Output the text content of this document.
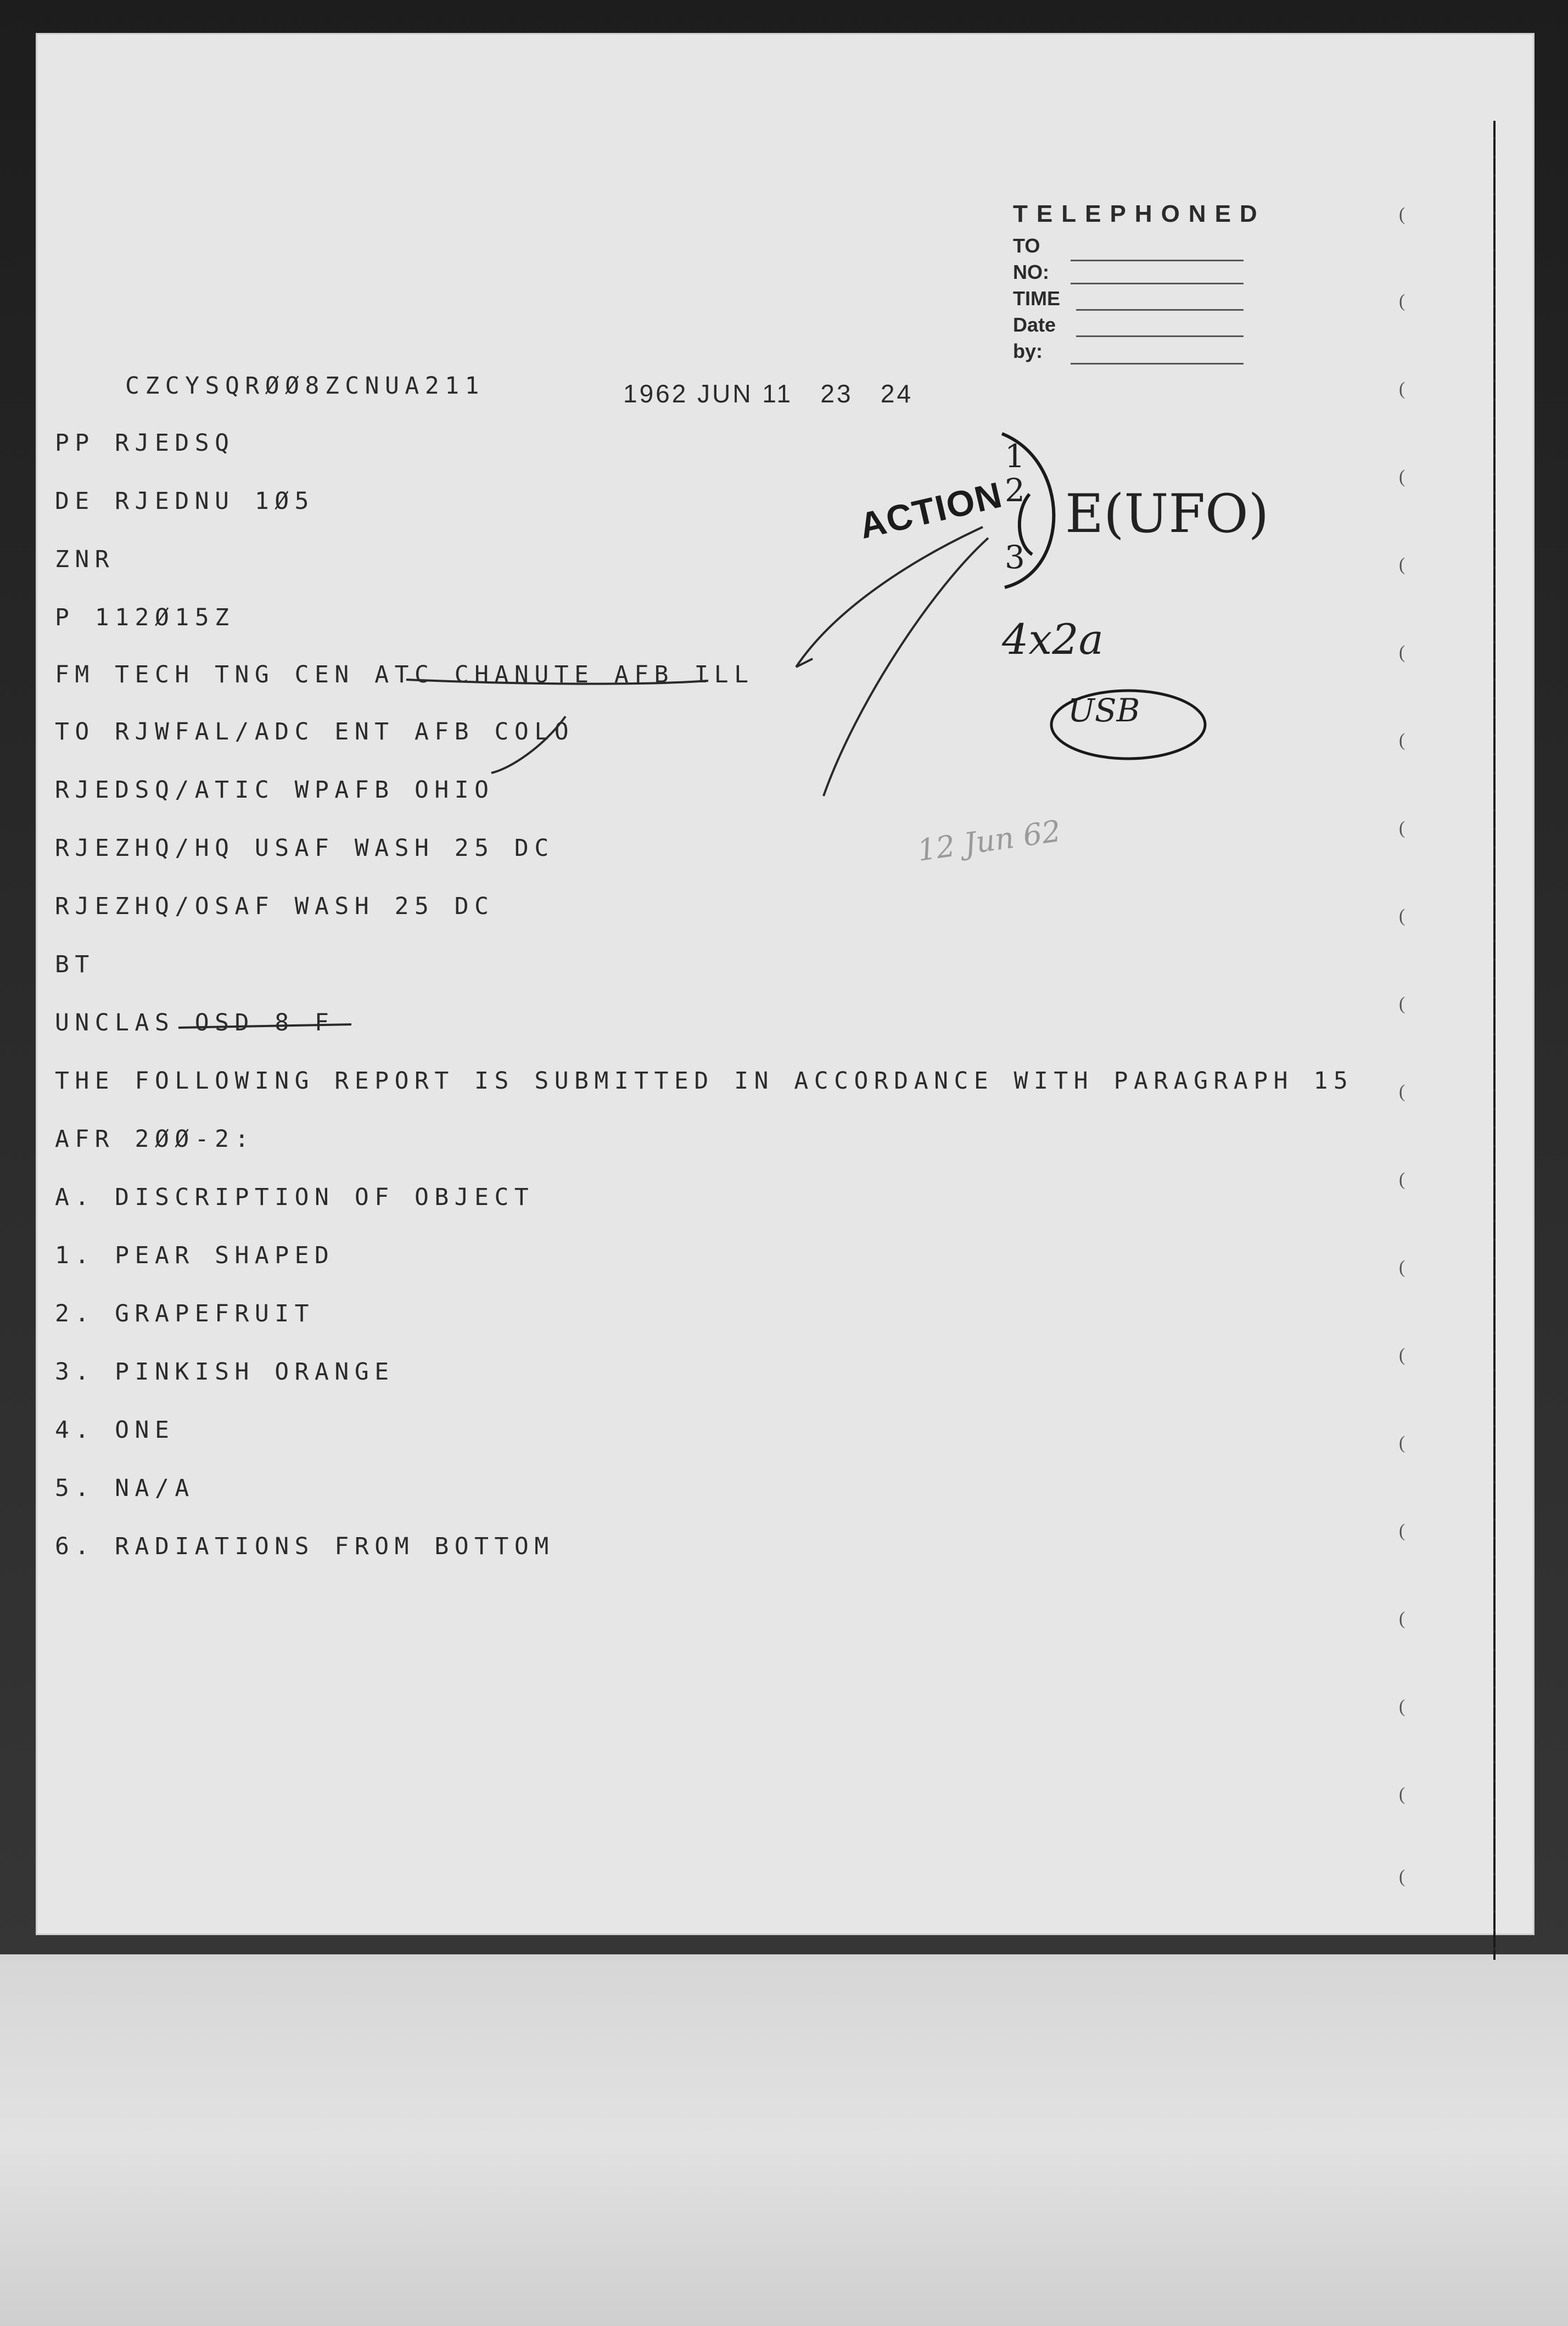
TELEPHONED
TO
NO:
TIME
Date
by:
CZCYSQRØØ8ZCNUA211	1962 JUN 11   23   24
PP RJEDSQ
DE RJEDNU 1Ø5
ZNR
P 112Ø15Z
FM TECH TNG CEN ATC CHANUTE AFB ILL
TO RJWFAL/ADC ENT AFB COLO
RJEDSQ/ATIC WPAFB OHIO
RJEZHQ/HQ USAF WASH 25 DC
RJEZHQ/OSAF WASH 25 DC
BT
UNCLAS OSD 8 F
THE FOLLOWING REPORT IS SUBMITTED IN ACCORDANCE WITH PARAGRAPH 15
AFR 2ØØ-2:
A. DISCRIPTION OF OBJECT
1. PEAR SHAPED
2. GRAPEFRUIT
3. PINKISH ORANGE
4. ONE
5. NA/A
6. RADIATIONS FROM BOTTOM
ACTION
1
2
3
E(UFO)
4x2a
USB
12 Jun 62
(
(
(
(
(
(
(
(
(
(
(
(
(
(
(
(
(
(
(
(
